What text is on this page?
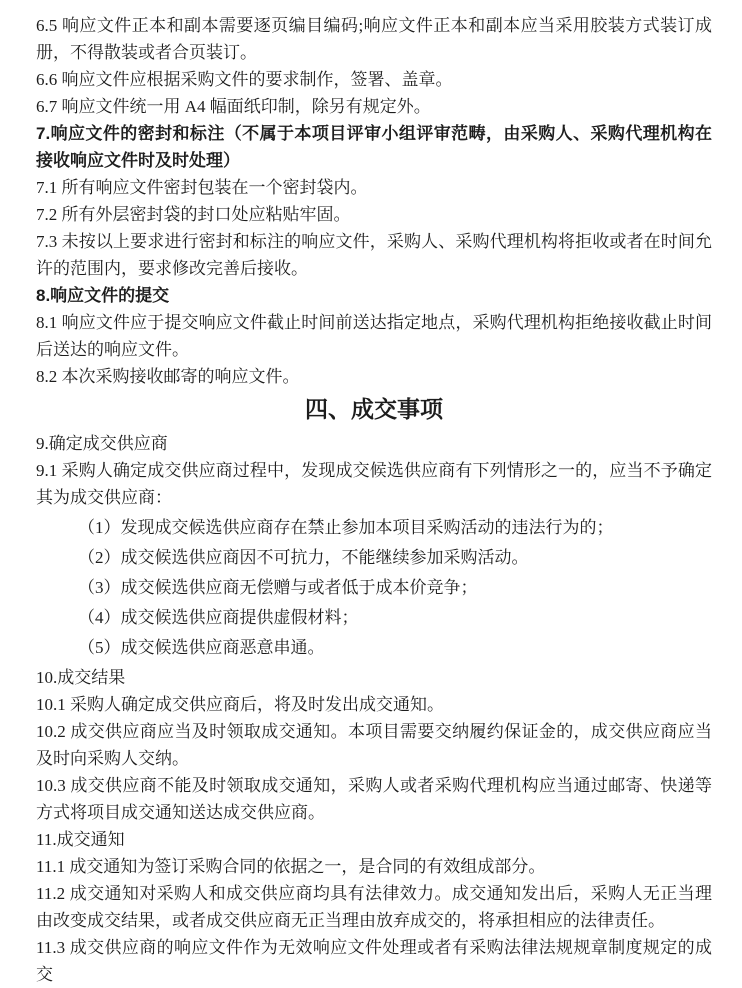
6.5 响应文件正本和副本需要逐页编目编码;响应文件正本和副本应当采用胶装方式装订成册，不得散装或者合页装订。

6.6 响应文件应根据采购文件的要求制作，签署、盖章。

6.7 响应文件统一用 A4 幅面纸印制，除另有规定外。

7.响应文件的密封和标注（不属于本项目评审小组评审范畴，由采购人、采购代理机构在接收响应文件时及时处理）

7.1 所有响应文件密封包装在一个密封袋内。

7.2 所有外层密封袋的封口处应粘贴牢固。

7.3 未按以上要求进行密封和标注的响应文件，采购人、采购代理机构将拒收或者在时间允许的范围内，要求修改完善后接收。

8.响应文件的提交

8.1 响应文件应于提交响应文件截止时间前送达指定地点，采购代理机构拒绝接收截止时间后送达的响应文件。

8.2 本次采购接收邮寄的响应文件。

四、成交事项

9.确定成交供应商

9.1 采购人确定成交供应商过程中，发现成交候选供应商有下列情形之一的，应当不予确定其为成交供应商：

（1）发现成交候选供应商存在禁止参加本项目采购活动的违法行为的；

（2）成交候选供应商因不可抗力，不能继续参加采购活动。

（3）成交候选供应商无偿赠与或者低于成本价竞争；

（4）成交候选供应商提供虚假材料；

（5）成交候选供应商恶意串通。

10.成交结果

10.1 采购人确定成交供应商后，将及时发出成交通知。

10.2 成交供应商应当及时领取成交通知。本项目需要交纳履约保证金的，成交供应商应当及时向采购人交纳。

10.3 成交供应商不能及时领取成交通知，采购人或者采购代理机构应当通过邮寄、快递等方式将项目成交通知送达成交供应商。

11.成交通知

11.1 成交通知为签订采购合同的依据之一，是合同的有效组成部分。

11.2 成交通知对采购人和成交供应商均具有法律效力。成交通知发出后，采购人无正当理由改变成交结果，或者成交供应商无正当理由放弃成交的，将承担相应的法律责任。

11.3 成交供应商的响应文件作为无效响应文件处理或者有采购法律法规规章制度规定的成交
